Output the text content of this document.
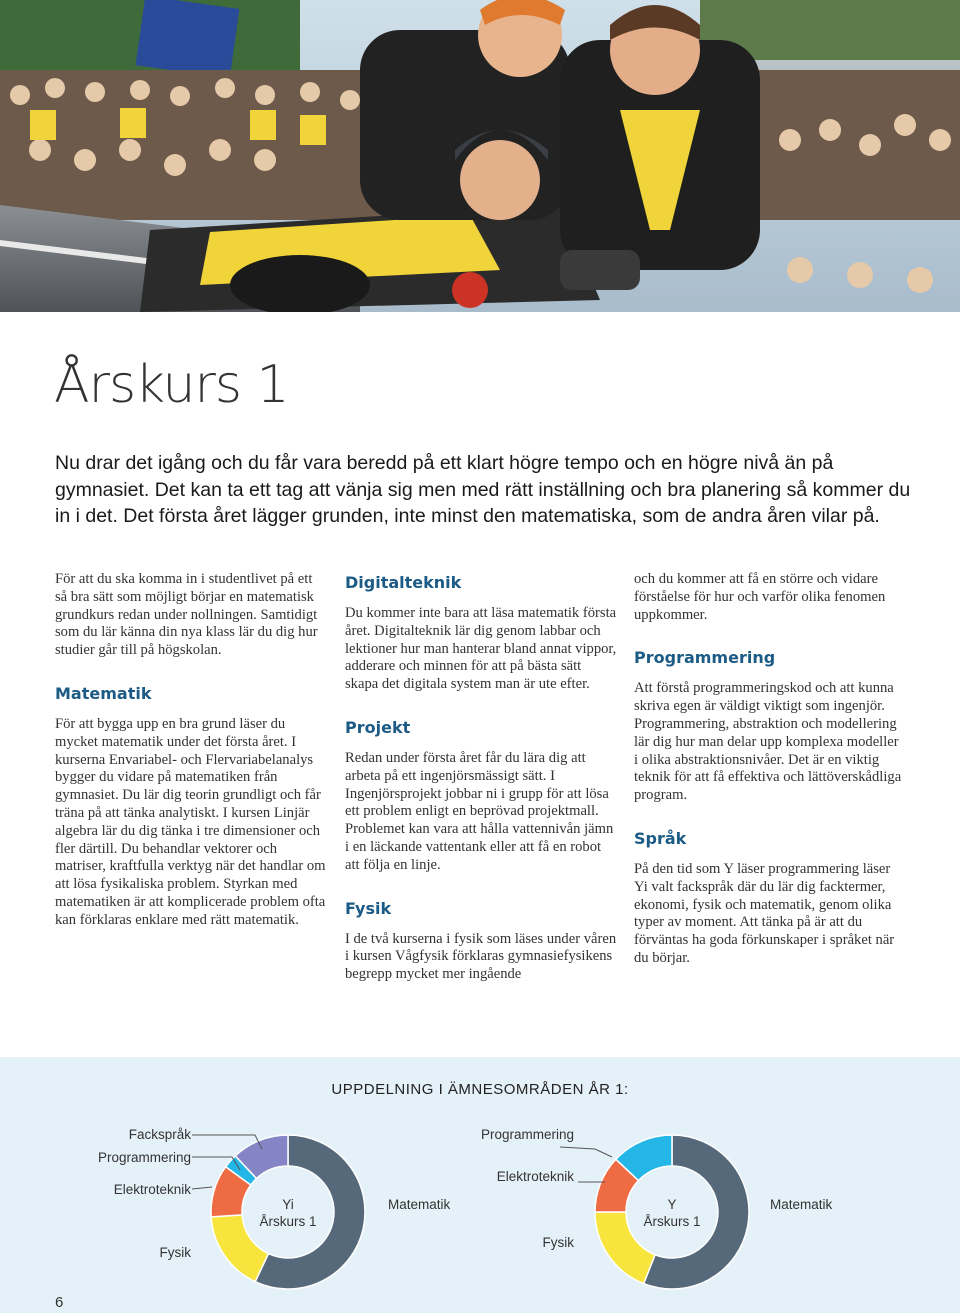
Årskurs 1

Nu drar det igång och du får vara beredd på ett klart högre tempo och en högre nivå än på gymnasiet. Det kan ta ett tag att vänja sig men med rätt inställning och bra planering så kommer du in i det. Det första året lägger grunden, inte minst den matematiska, som de andra åren vilar på.

För att du ska komma in i studentlivet på ett så bra sätt som möjligt börjar en matematisk grundkurs redan under nollningen. Samtidigt som du lär känna din nya klass lär du dig hur studier går till på högskolan.

Matematik

För att bygga upp en bra grund läser du mycket matematik under det första året. I kurserna Envariabel- och Flervariabelanalys bygger du vidare på matematiken från gymnasiet. Du lär dig teorin grundligt och får träna på att tänka analytiskt. I kursen Linjär algebra lär du dig tänka i tre dimensioner och fler därtill. Du behandlar vektorer och matriser, kraftfulla verktyg när det handlar om att lösa fysikaliska problem. Styrkan med matematiken är att komplicerade problem ofta kan förklaras enklare med rätt matematik.

Digitalteknik

Du kommer inte bara att läsa matematik första året. Digitalteknik lär dig genom labbar och lektioner hur man hanterar bland annat vippor, adderare och minnen för att på bästa sätt skapa det digitala system man är ute efter.

Projekt

Redan under första året får du lära dig att arbeta på ett ingenjörsmässigt sätt. I Ingenjörsprojekt jobbar ni i grupp för att lösa ett problem enligt en beprövad projektmall. Problemet kan vara att hålla vattennivån jämn i en läckande vattentank eller att få en robot att följa en linje.

Fysik

I de två kurserna i fysik som läses under våren i kursen Vågfysik förklaras gymnasiefysikens begrepp mycket mer ingående

och du kommer att få en större och vidare förståelse för hur och varför olika fenomen uppkommer.

Programmering

Att förstå programmeringskod och att kunna skriva egen är väldigt viktigt som ingenjör. Programmering, abstraktion och modellering lär dig hur man delar upp komplexa modeller i olika abstraktionsnivåer. Det är en viktig teknik för att få effektiva och lättöverskådliga program.

Språk

På den tid som Y läser programmering läser Yi valt fackspråk där du lär dig facktermer, ekonomi, fysik och matematik, genom olika typer av moment. Att tänka på är att du förväntas ha goda förkunskaper i språket när du börjar.

UPPDELNING I ÄMNESOMRÅDEN ÅR 1:
Matematik
Fysik
Elektroteknik
Programmering
Fackspråk
Yi
Årskurs 1
Matematik
Fysik
Elektroteknik
Programmering
Y
Årskurs 1
6
